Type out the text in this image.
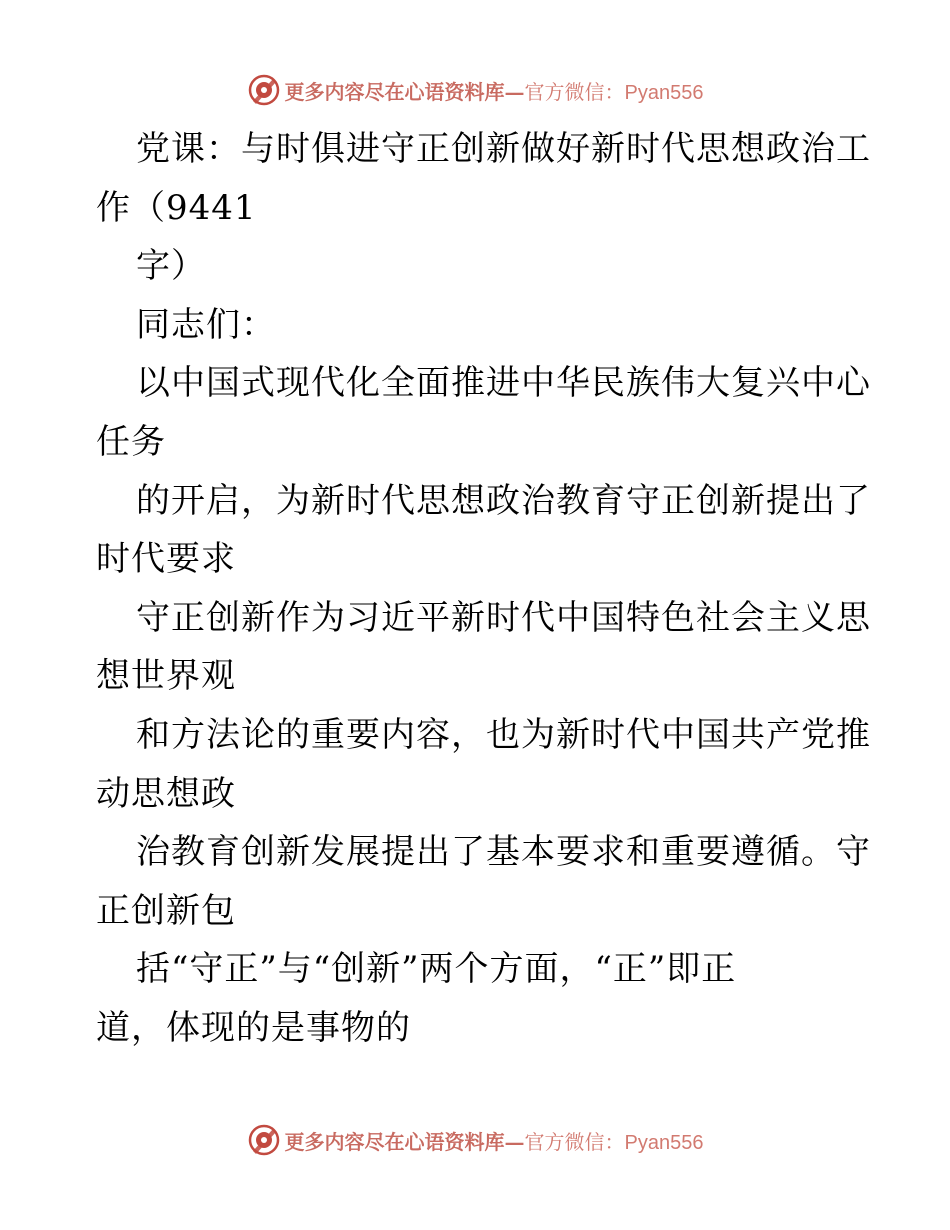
更多内容尽在心语资料库—官方微信：Pyan556
党课：与时俱进守正创新做好新时代思想政治工
作（9441
字）
同志们：
以中国式现代化全面推进中华民族伟大复兴中心
任务
的开启，为新时代思想政治教育守正创新提出了
时代要求
守正创新作为习近平新时代中国特色社会主义思
想世界观
和方法论的重要内容，也为新时代中国共产党推
动思想政
治教育创新发展提出了基本要求和重要遵循。守
正创新包
括“守正”与“创新”两个方面，“正”即正
道，体现的是事物的
更多内容尽在心语资料库—官方微信：Pyan556
